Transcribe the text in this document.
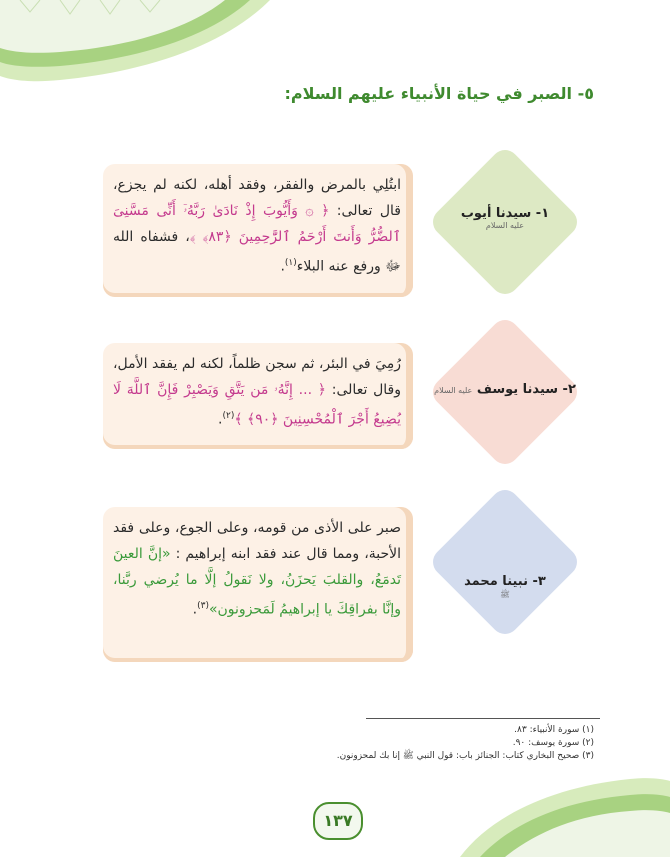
٥- الصبر في حياة الأنبياء عليهم السلام:
ابتُلِي بالمرض والفقر، وفقد أهله، لكنه لم يجزع، قال تعالى: ﴿ ۞ وَأَيُّوبَ إِذْ نَادَىٰ رَبَّهُۥٓ أَنِّى مَسَّنِىَ ٱلضُّرُّ وَأَنتَ أَرْحَمُ ٱلرَّٰحِمِينَ ﴿٨٣﴾ ﴾، فشفاه الله ﷻ ورفع عنه البلاء$^{(١)}$.
١- سيدنا أيوب
عليه السلام
رُمِيَ في البئر، ثم سجن ظلماً، لكنه لم يفقد الأمل، وقال تعالى: ﴿ ... إِنَّهُۥ مَن يَتَّقِ وَيَصْبِرْ فَإِنَّ ٱللَّهَ لَا يُضِيعُ أَجْرَ ٱلْمُحْسِنِينَ ﴿٩٠﴾ ﴾$^{(٢)}$.
٢- سيدنا يوسف عليه السلام
صبر على الأذى من قومه، وعلى الجوع، وعلى فقد الأحبة، ومما قال عند فقد ابنه إبراهيم : «إنَّ العينَ تَدمَعُ، والقلبَ يَحزَنُ، ولا نَقولُ إلَّا ما يُرضي ربَّنا، وإنَّا بفراقِكَ يا إبراهيمُ لَمَحزونون»$^{(٣)}$.
٣- نبينا محمد
ﷺ
(١) سورة الأنبياء: ٨٣.
(٢) سورة يوسف: ٩٠.
(٣) صحيح البخاري كتاب: الجنائز باب: قول النبي ﷺ إنا بك لمحزونون.
١٣٧
